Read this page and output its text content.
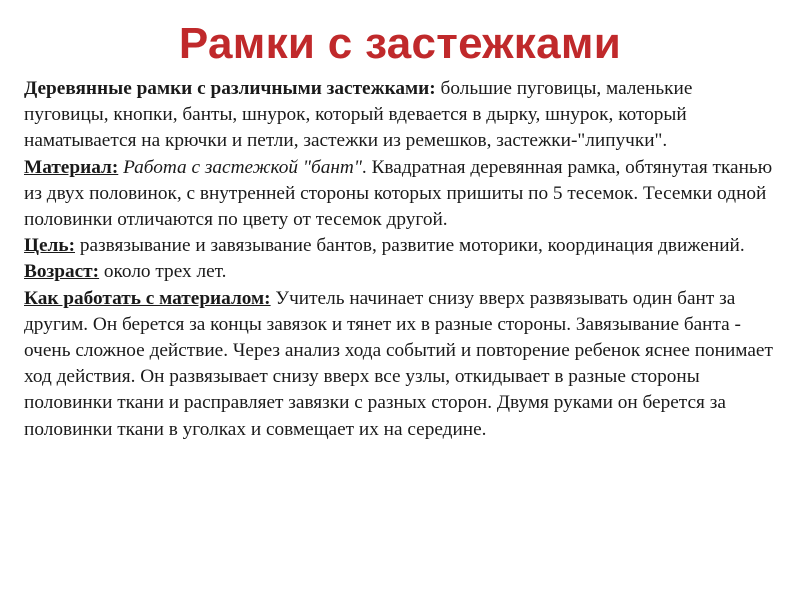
Рамки с застежками

Деревянные рамки с различными застежками: большие пуговицы, маленькие пуговицы, кнопки, банты, шнурок, который вдевается в дырку, шнурок, который наматывается на крючки и петли, застежки из ремешков, застежки-"липучки".

Материал: Работа с застежкой "бант". Квадратная деревянная рамка, обтянутая тканью из двух половинок, с внутренней стороны которых пришиты по 5 тесемок. Тесемки одной половинки отличаются по цвету от тесемок другой.

Цель: развязывание и завязывание бантов, развитие моторики, координация движений.

Возраст: около трех лет.

Как работать с материалом: Учитель начинает снизу вверх развязывать один бант за другим. Он берется за концы завязок и тянет их в разные стороны. Завязывание банта - очень сложное действие. Через анализ хода событий и повторение ребенок яснее понимает ход действия. Он развязывает снизу вверх все узлы, откидывает в разные стороны половинки ткани и расправляет завязки с разных сторон. Двумя руками он берется за половинки ткани в уголках и совмещает их на середине.
